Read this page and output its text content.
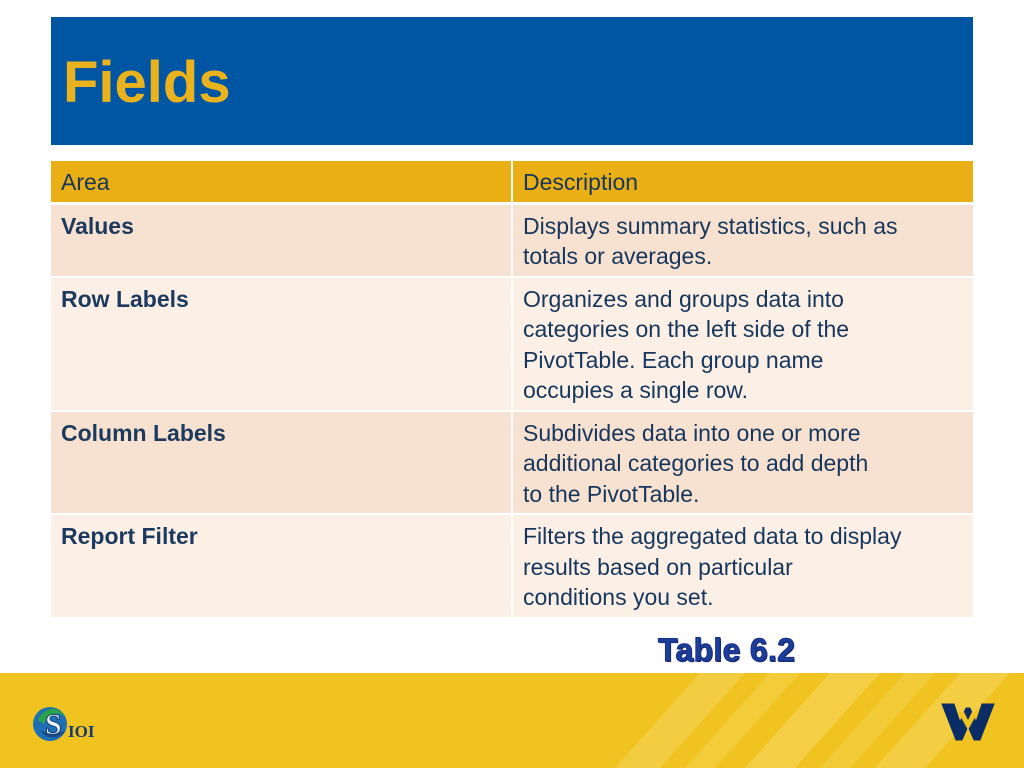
Fields
Area	Description
Values	Displays summary statistics, such as
totals or averages.

Row Labels	Organizes and groups data into
categories on the left side of the
PivotTable. Each group name
occupies a single row.

Column Labels	Subdivides data into one or more
additional categories to add depth
to the PivotTable.

Report Filter	Filters the aggregated data to display
results based on particular
conditions you set.
Table 6.2
S IOI
